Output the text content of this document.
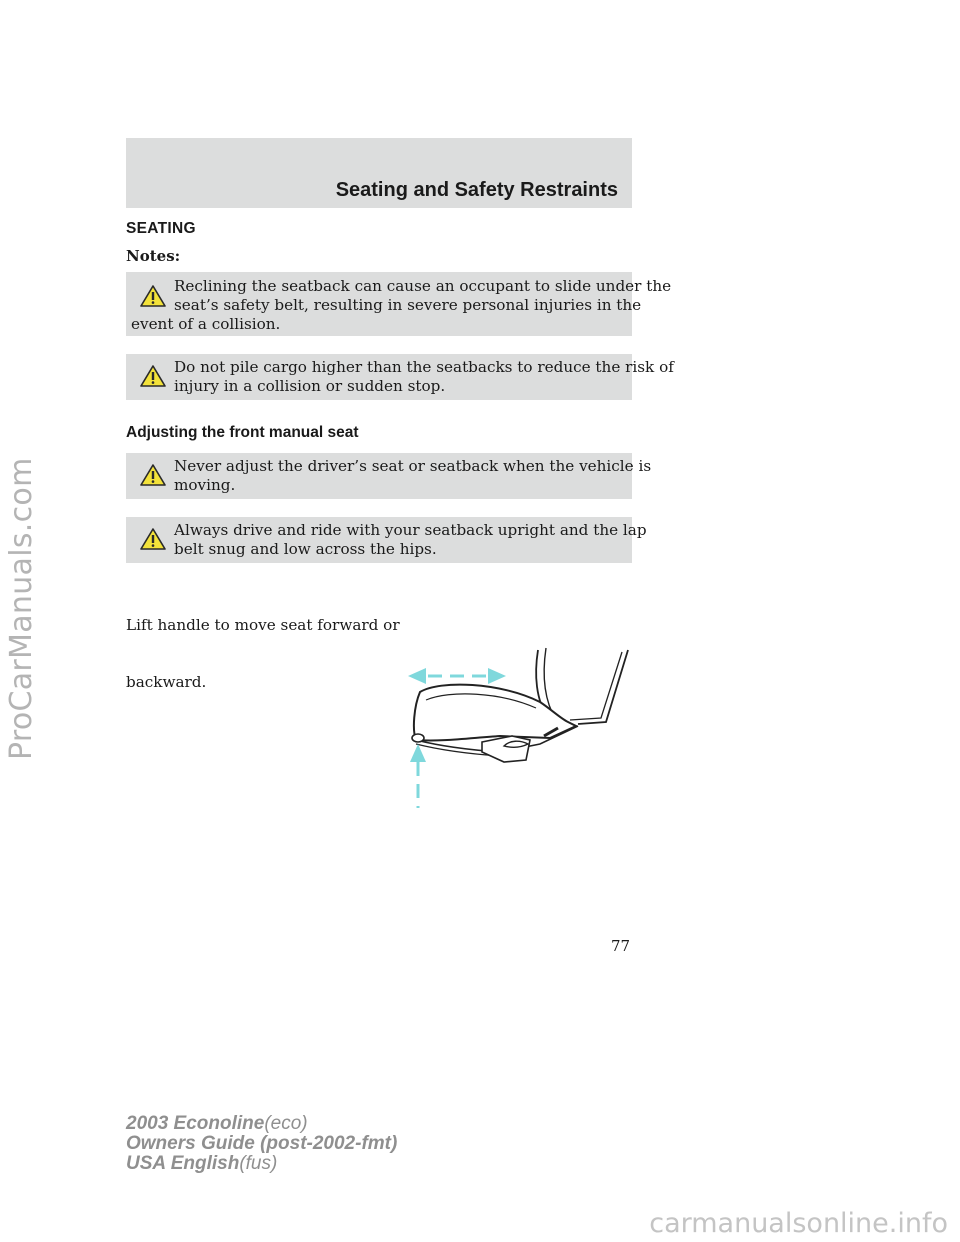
ProCarManuals.com
Seating and Safety Restraints
SEATING
Notes:
Reclining the seatback can cause an occupant to slide under the
seat’s safety belt, resulting in severe personal injuries in the
event of a collision.
Do not pile cargo higher than the seatbacks to reduce the risk of
injury in a collision or sudden stop.
Adjusting the front manual seat
Never adjust the driver’s seat or seatback when the vehicle is
moving.
Always drive and ride with your seatback upright and the lap
belt snug and low across the hips.

Lift handle to move seat forward or

backward.

77
2003 Econoline(eco)
Owners Guide (post-2002-fmt)
USA English(fus)
carmanualsonline.info
